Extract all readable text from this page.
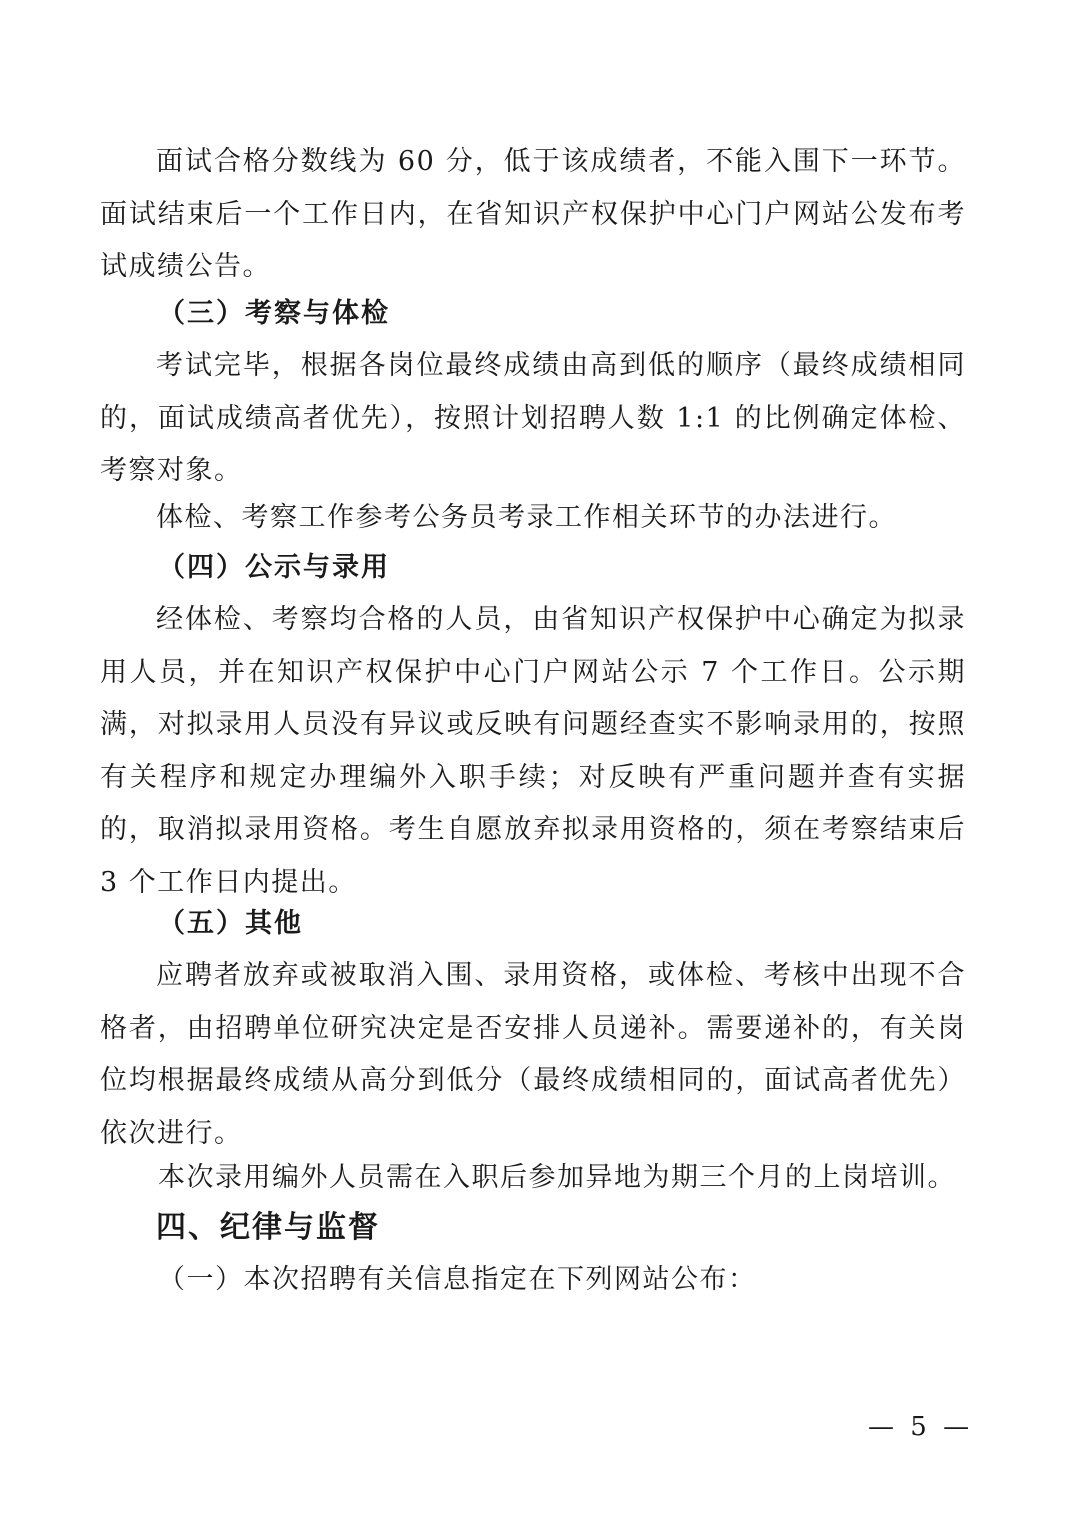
面试合格分数线为 60 分，低于该成绩者，不能入围下一环节。面试结束后一个工作日内，在省知识产权保护中心门户网站公发布考试成绩公告。

（三）考察与体检

考试完毕，根据各岗位最终成绩由高到低的顺序（最终成绩相同的，面试成绩高者优先），按照计划招聘人数 1:1 的比例确定体检、考察对象。

体检、考察工作参考公务员考录工作相关环节的办法进行。

（四）公示与录用

经体检、考察均合格的人员，由省知识产权保护中心确定为拟录用人员，并在知识产权保护中心门户网站公示 7 个工作日。公示期满，对拟录用人员没有异议或反映有问题经查实不影响录用的，按照有关程序和规定办理编外入职手续；对反映有严重问题并查有实据的，取消拟录用资格。考生自愿放弃拟录用资格的，须在考察结束后 3 个工作日内提出。

（五）其他

应聘者放弃或被取消入围、录用资格，或体检、考核中出现不合格者，由招聘单位研究决定是否安排人员递补。需要递补的，有关岗位均根据最终成绩从高分到低分（最终成绩相同的，面试高者优先）依次进行。

本次录用编外人员需在入职后参加异地为期三个月的上岗培训。

四、纪律与监督

（一）本次招聘有关信息指定在下列网站公布：

— 5 —
